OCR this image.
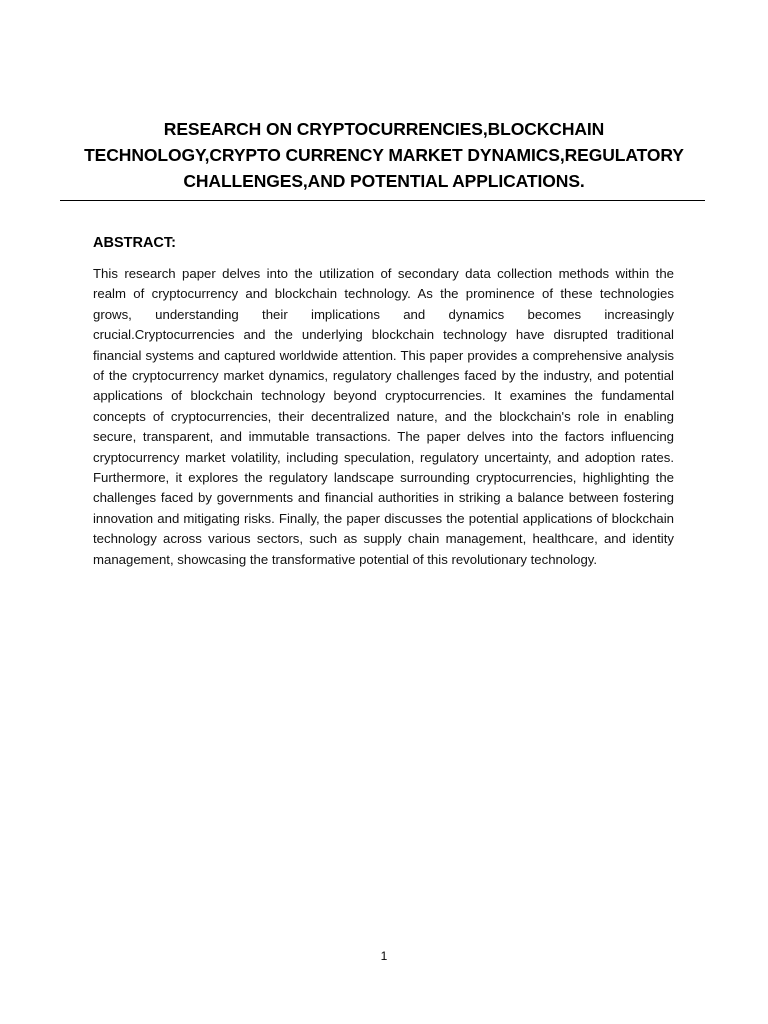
RESEARCH ON CRYPTOCURRENCIES,BLOCKCHAIN TECHNOLOGY,CRYPTO CURRENCY MARKET DYNAMICS,REGULATORY CHALLENGES,AND POTENTIAL APPLICATIONS.
ABSTRACT:

This research paper delves into the utilization of secondary data collection methods within the realm of cryptocurrency and blockchain technology. As the prominence of these technologies grows, understanding their implications and dynamics becomes increasingly crucial.Cryptocurrencies and the underlying blockchain technology have disrupted traditional financial systems and captured worldwide attention. This paper provides a comprehensive analysis of the cryptocurrency market dynamics, regulatory challenges faced by the industry, and potential applications of blockchain technology beyond cryptocurrencies. It examines the fundamental concepts of cryptocurrencies, their decentralized nature, and the blockchain's role in enabling secure, transparent, and immutable transactions. The paper delves into the factors influencing cryptocurrency market volatility, including speculation, regulatory uncertainty, and adoption rates. Furthermore, it explores the regulatory landscape surrounding cryptocurrencies, highlighting the challenges faced by governments and financial authorities in striking a balance between fostering innovation and mitigating risks. Finally, the paper discusses the potential applications of blockchain technology across various sectors, such as supply chain management, healthcare, and identity management, showcasing the transformative potential of this revolutionary technology.

1
